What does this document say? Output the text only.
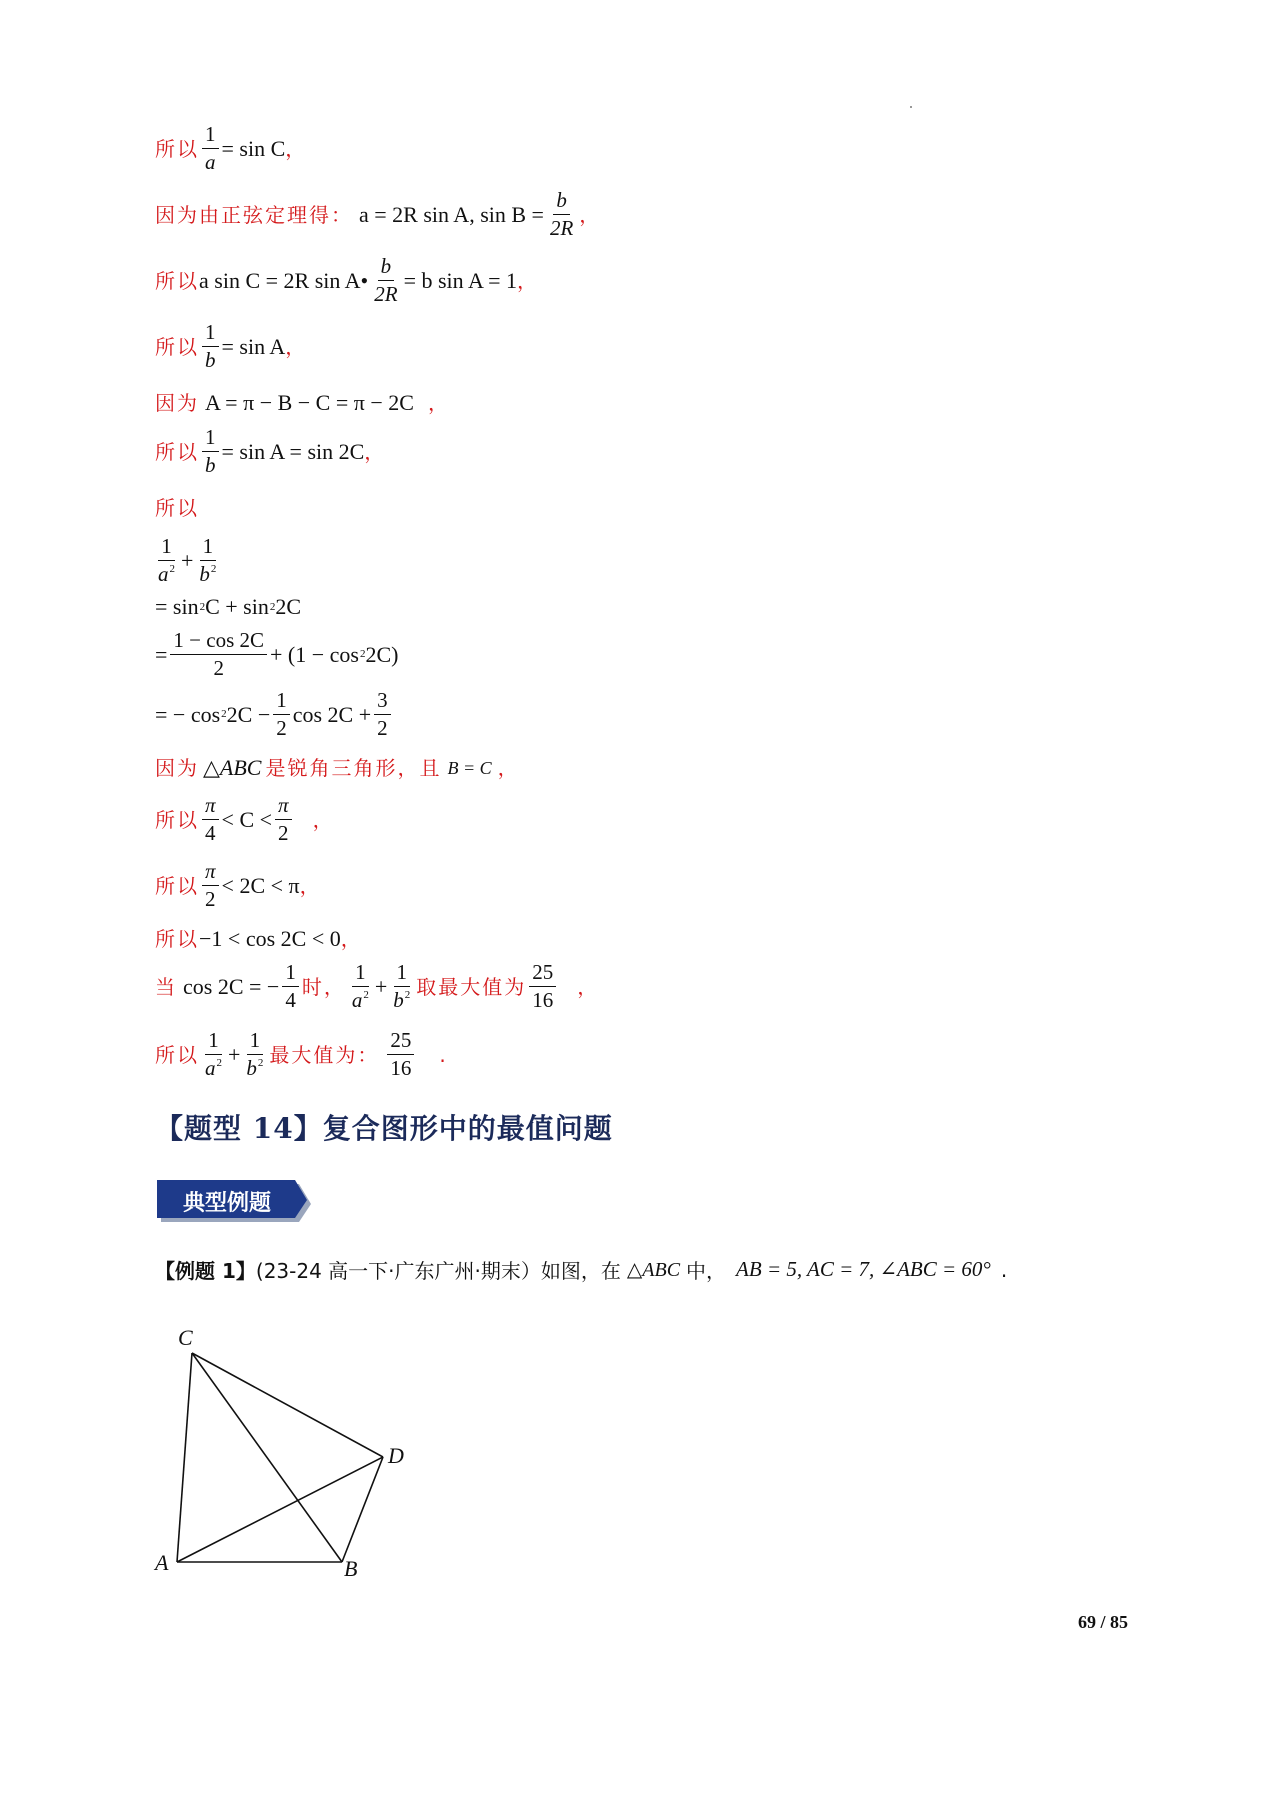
所以 $\frac{1}{a} = \sin C$ ，
因为由正弦定理得： a = 2R sin A, $\sin B = \frac{b}{2R}$ ，
所以 a sin C = 2R sin A• $\frac{b}{2R} = b$ sin A = 1 ，
所以 $\frac{1}{b} = \sin A$ ，
因为 A = π − B − C = π − 2C ，
所以 $\frac{1}{b} = \sin A = \sin 2C$ ，
所以
$\frac{1}{a^2} + \frac{1}{b^2}$
= sin 2 C + sin 2 2C
= $\frac{1 - \cos 2C}{2} + (1 - \cos 2$ 2C)
= − cos 2 $2C - \frac{1}{2}$ $\cos 2C + \frac{3}{2}$
因为 △ABC 是锐角三角形，且 B = C ，
所以 $\frac{\pi}{4} < C < \frac{\pi}{2}$ ，
所以 $\frac{\pi}{2} < 2C < \pi$ ，
所以 −1 < cos 2C < 0 ，
当 cos 2C = − $\frac{1}{4}$ 时， $\frac{1}{a^2} + \frac{1}{b^2}$ 取最大值为 $\frac{25}{16}$ ，
所以 $\frac{1}{a^2} + \frac{1}{b^2}$ 最大值为： $\frac{25}{16}$ .
【题型 14】复合图形中的最值问题
典型例题
【例题 1】 (23-24 高一下·广东广州·期末）如图，在 △ABC 中， AB = 5, AC = 7, ∠ABC = 60° .
C
D
A	B
69 / 85
